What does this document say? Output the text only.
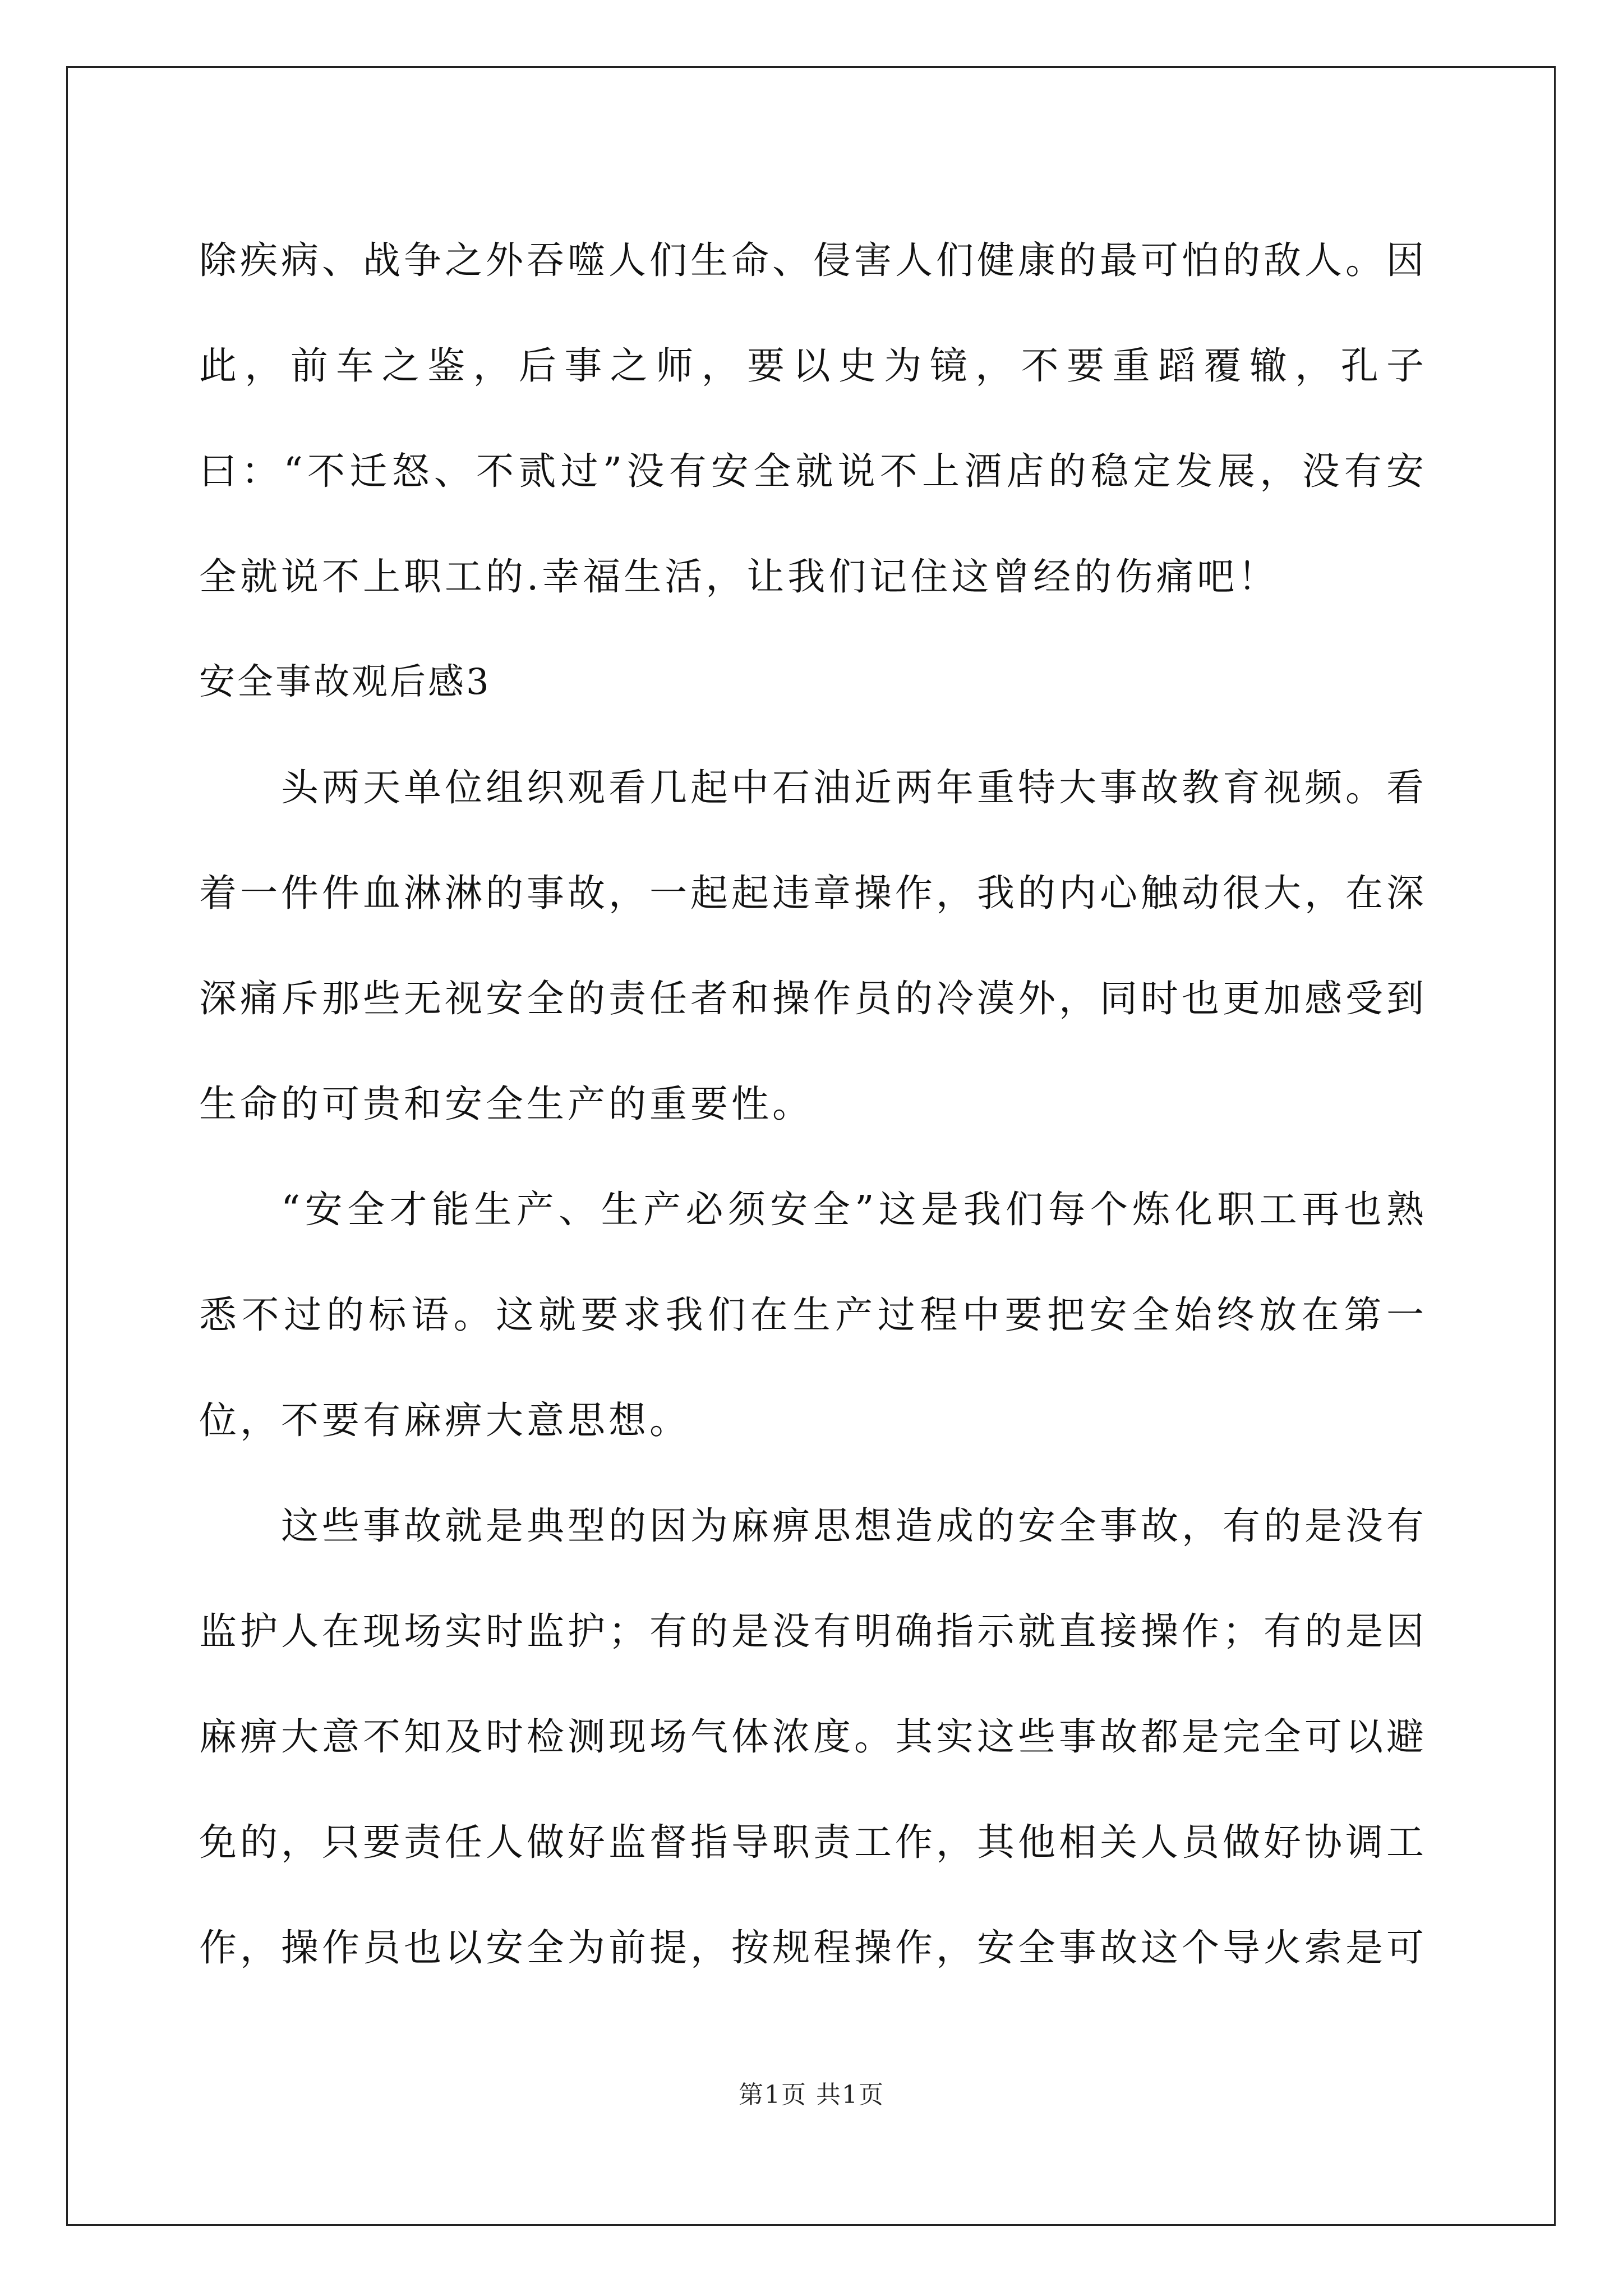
除疾病、战争之外吞噬人们生命、侵害人们健康的最可怕的敌人。因此，前车之鉴，后事之师，要以史为镜，不要重蹈覆辙，孔子曰：“不迁怒、不贰过”没有安全就说不上酒店的稳定发展，没有安全就说不上职工的.幸福生活，让我们记住这曾经的伤痛吧！

安全事故观后感3

头两天单位组织观看几起中石油近两年重特大事故教育视频。看着一件件血淋淋的事故，一起起违章操作，我的内心触动很大，在深深痛斥那些无视安全的责任者和操作员的冷漠外，同时也更加感受到生命的可贵和安全生产的重要性。

“安全才能生产、生产必须安全”这是我们每个炼化职工再也熟悉不过的标语。这就要求我们在生产过程中要把安全始终放在第一位，不要有麻痹大意思想。

这些事故就是典型的因为麻痹思想造成的安全事故，有的是没有监护人在现场实时监护；有的是没有明确指示就直接操作；有的是因麻痹大意不知及时检测现场气体浓度。其实这些事故都是完全可以避免的，只要责任人做好监督指导职责工作，其他相关人员做好协调工作，操作员也以安全为前提，按规程操作，安全事故这个导火索是可

第1页 共1页
